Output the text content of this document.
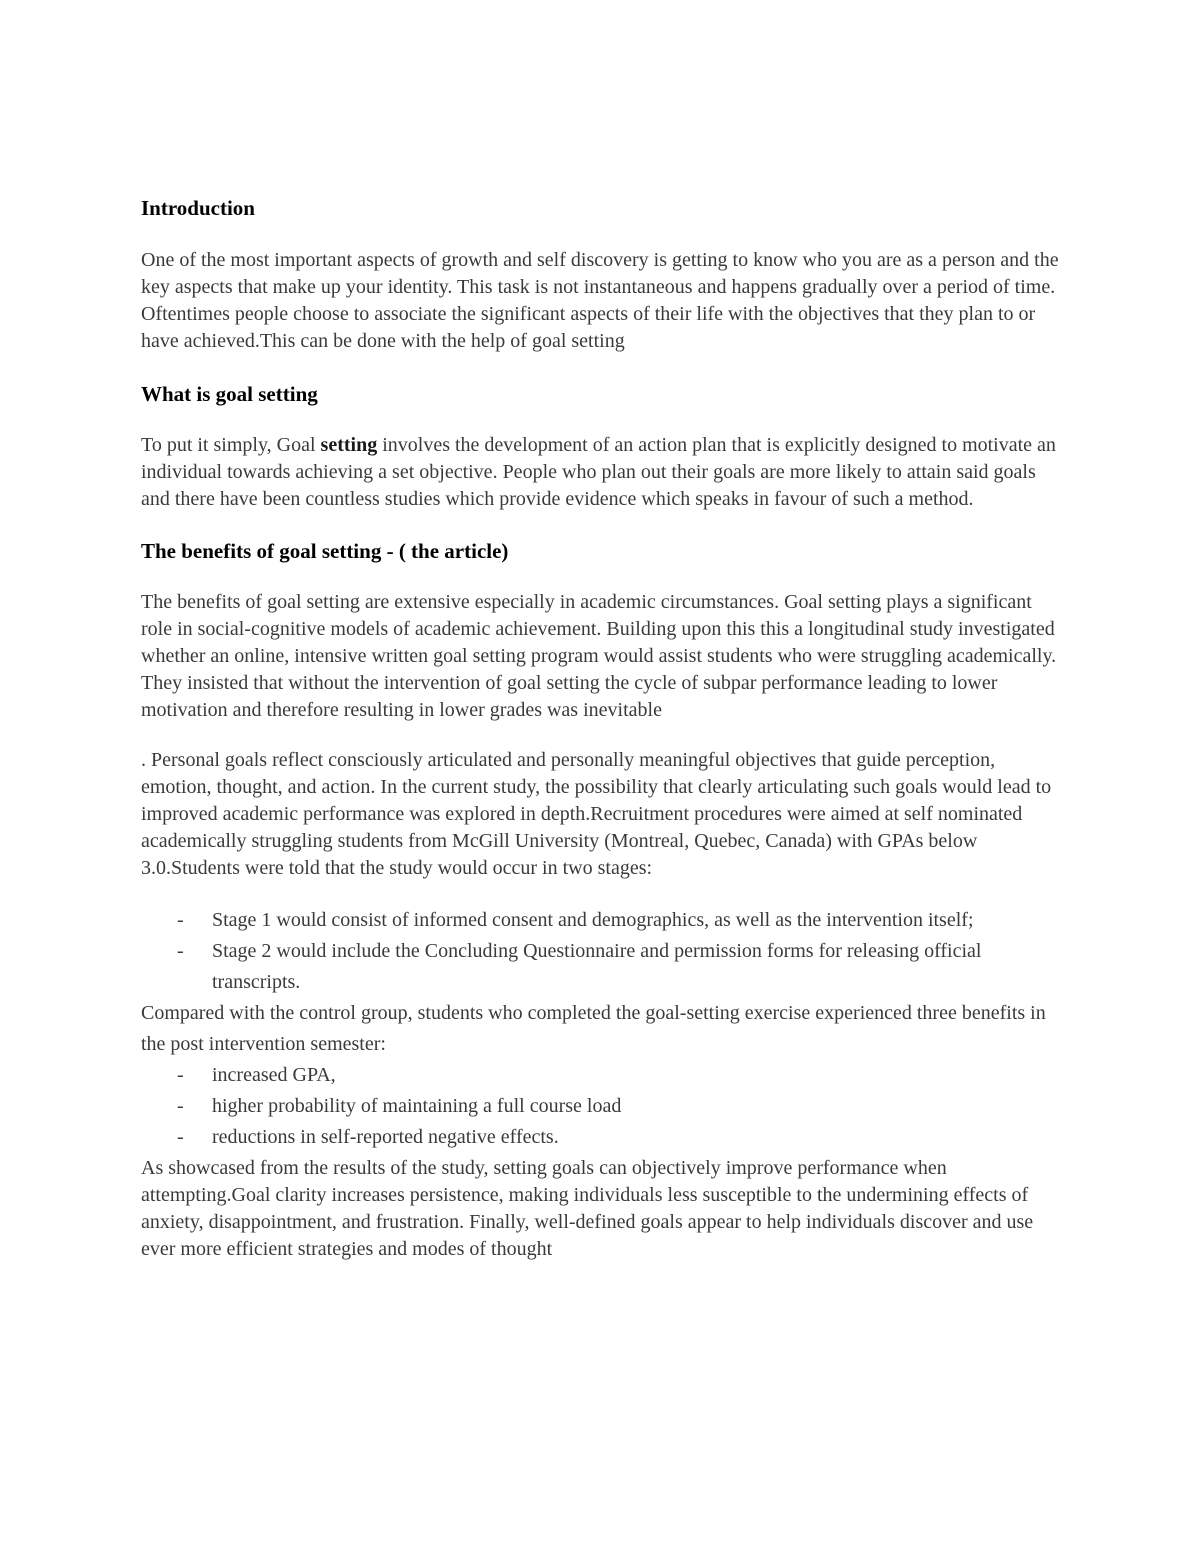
Introduction

One of the most important aspects of growth and self discovery is getting to know who you are as a person and the key aspects that make up your identity. This task is not instantaneous and happens gradually over a period of time. Oftentimes people choose to associate the significant aspects of their life with the objectives that they plan to or have achieved.This can be done with the help of goal setting

What is goal setting

To put it simply, Goal setting involves the development of an action plan that is explicitly designed to motivate an individual towards achieving a set objective. People who plan out their goals are more likely to attain said goals and there have been countless studies which provide evidence which speaks in favour of such a method.

The benefits of goal setting - ( the article)

The benefits of goal setting are extensive especially in academic circumstances. Goal setting plays a significant role in social-cognitive models of academic achievement. Building upon this this a longitudinal study investigated whether an online, intensive written goal setting program would assist students who were struggling academically. They insisted that without the intervention of goal setting the cycle of subpar performance leading to lower motivation and therefore resulting in lower grades was inevitable

. Personal goals reflect consciously articulated and personally meaningful objectives that guide perception, emotion, thought, and action. In the current study, the possibility that clearly articulating such goals would lead to improved academic performance was explored in depth.Recruitment procedures were aimed at self nominated academically struggling students from McGill University (Montreal, Quebec, Canada) with GPAs below 3.0.Students were told that the study would occur in two stages:

- Stage 1 would consist of informed consent and demographics, as well as the intervention itself;
- Stage 2 would include the Concluding Questionnaire and permission forms for releasing official transcripts.

Compared with the control group, students who completed the goal-setting exercise experienced three benefits in the post intervention semester:

- increased GPA,
- higher probability of maintaining a full course load
- reductions in self-reported negative effects.

As showcased from the results of the study, setting goals can objectively improve performance when attempting.Goal clarity increases persistence, making individuals less susceptible to the undermining effects of anxiety, disappointment, and frustration. Finally, well-defined goals appear to help individuals discover and use ever more efficient strategies and modes of thought
